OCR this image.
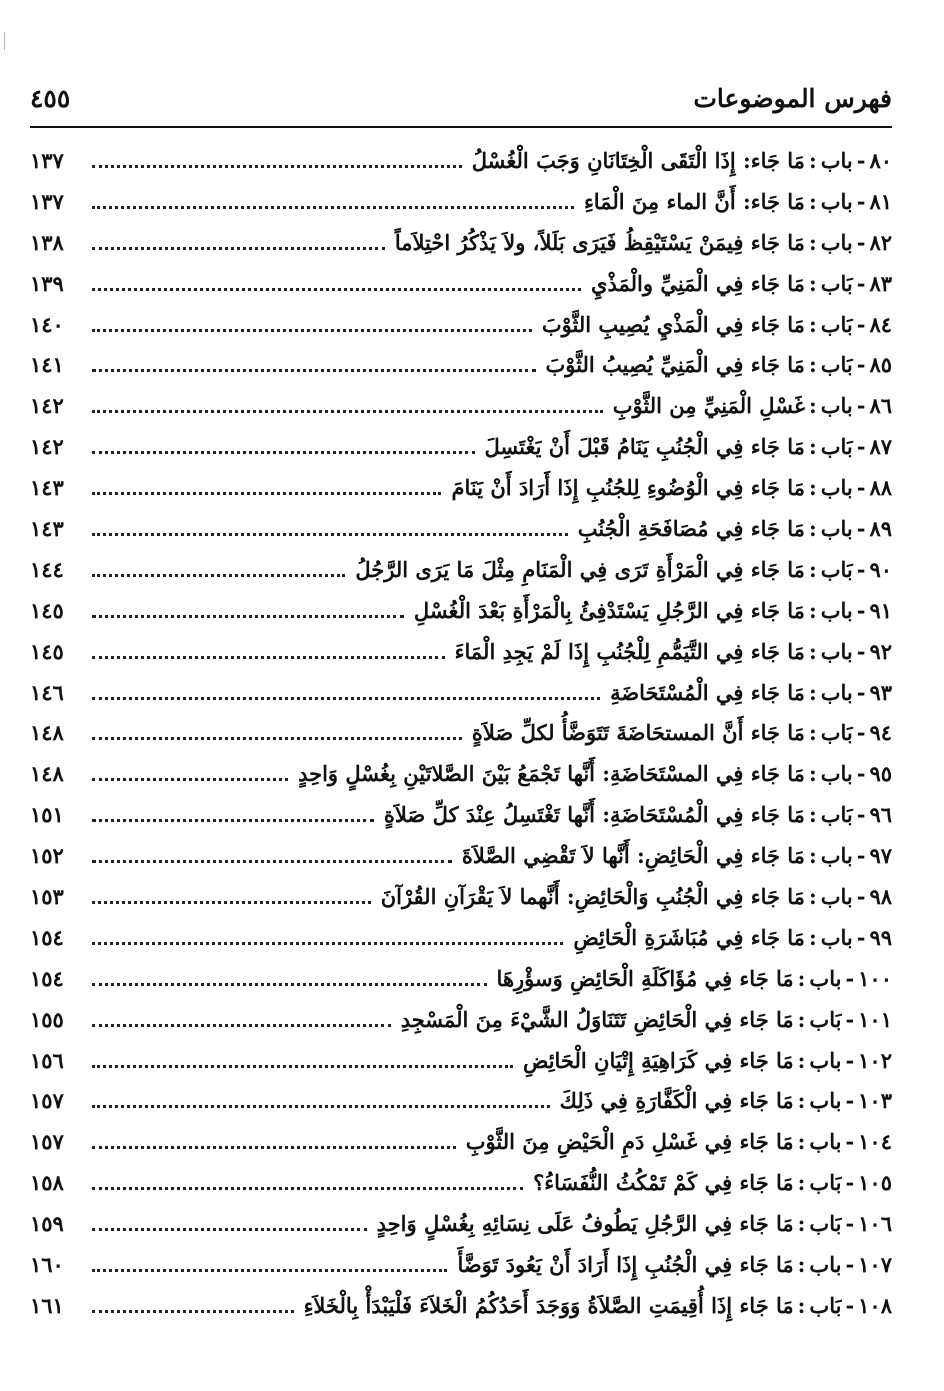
فهرس الموضوعات
٤٥٥
٨٠
-
باب
:
مَا جَاء: إِذَا الْتَقَى الْخِتَانَانِ وَجَبَ الْغُسْلُ
١٣٧
٨١
-
باب
:
مَا جَاء: أَنَّ الماء مِنَ الْمَاءِ
١٣٧
٨٢
-
باب
:
مَا جَاء فِيمَنْ يَسْتَيْقِظُ فَيَرَى بَلَلاً، ولاَ يَذْكُرُ احْتِلاَماً
١٣٨
٨٣
-
بَاب
:
مَا جَاء فِي الْمَنِيِّ والْمَذْيِ
١٣٩
٨٤
-
بَاب
:
مَا جَاء فِي الْمَذْيِ يُصِيبِ الثَّوْبَ
١٤٠
٨٥
-
بَاب
:
مَا جَاء فِي الْمَنِيِّ يُصِيبُ الثَّوْبَ
١٤١
٨٦
-
باب
:
غَسْلِ الْمَنِيِّ مِن الثَّوْبِ
١٤٢
٨٧
-
بَاب
:
مَا جَاء فِي الْجُنُبِ يَنَامُ قَبْلَ أَنْ يَغْتَسِلَ
١٤٢
٨٨
-
باب
:
مَا جَاء فِي الْوُضُوءِ لِلجُنُبِ إِذَا أَرَادَ أَنْ يَنَامَ
١٤٣
٨٩
-
باب
:
مَا جَاء فِي مُصَافَحَةِ الْجُنُبِ
١٤٣
٩٠
-
بَاب
:
مَا جَاء فِي الْمَرْأَةِ تَرَى فِي الْمَنَامِ مِثْلَ مَا يَرَى الرَّجُلُ
١٤٤
٩١
-
باب
:
مَا جَاء فِي الرَّجُلِ يَسْتَدْفِئُ بِالْمَرْأَةِ بَعْدَ الْغُسْلِ
١٤٥
٩٢
-
باب
:
مَا جَاء فِي التَّيَمُّمِ لِلْجُنُبِ إِذَا لَمْ يَجِدِ الْمَاءَ
١٤٥
٩٣
-
باب
:
مَا جَاء فِي الْمُسْتَحَاضَةِ
١٤٦
٩٤
-
بَاب
:
مَا جَاء أَنَّ المستحَاضَةَ تَتَوَضَّأُ لكلِّ صَلاَةٍ
١٤٨
٩٥
-
باب
:
مَا جَاء فِي المسْتَحَاضَةِ: أَنَّها تَجْمَعُ بَيْنَ الصَّلاتَيْنِ بِغُسْلٍ وَاحِدٍ
١٤٨
٩٦
-
بَاب
:
مَا جَاء فِي الْمُسْتَحَاضَةِ: أَنَّها تَغْتَسِلُ عِنْدَ كلِّ صَلاَةٍ
١٥١
٩٧
-
باب
:
مَا جَاء فِي الْحَائِضِ: أَنَّها لاَ تَقْضِي الصَّلاَةَ
١٥٢
٩٨
-
باب
:
مَا جَاء فِي الْجُنُبِ وَالْحَائِضِ: أَنَّهما لاَ يَقْرَآنِ القُرْآنَ
١٥٣
٩٩
-
باب
:
مَا جَاء فِي مُبَاشَرَةِ الْحَائِضِ
١٥٤
١٠٠
-
باب
:
مَا جَاء فِي مُؤَاكَلَةِ الْحَائِضِ وَسؤْرِهَا
١٥٤
١٠١
-
بَاب
:
مَا جَاء فِي الْحَائِضِ تَتَنَاوَلُ الشَّيْءَ مِنَ الْمَسْجِدِ
١٥٥
١٠٢
-
باب
:
مَا جَاء فِي كَرَاهِيَةِ إِتْيَانِ الْحَائِضِ
١٥٦
١٠٣
-
باب
:
مَا جَاء فِي الْكَفَّارَةِ فِي ذَلِكَ
١٥٧
١٠٤
-
باب
:
مَا جَاء فِي غَسْلِ دَمِ الْحَيْضِ مِنَ الثَّوْبِ
١٥٧
١٠٥
-
بَاب
:
مَا جَاء فِي كَمْ تَمْكُثُ النُّفَسَاءُ؟
١٥٨
١٠٦
-
بَاب
:
مَا جَاء فِي الرَّجُلِ يَطُوفُ عَلَى نِسَائِهِ بِغُسْلٍ وَاحِدٍ
١٥٩
١٠٧
-
باب
:
مَا جَاء فِي الْجُنُبِ إِذَا أَرَادَ أَنْ يَعُودَ تَوَضَّأَ
١٦٠
١٠٨
-
بَاب
:
مَا جَاء إِذَا أُقِيمَتِ الصَّلاَةُ وَوَجَدَ أَحَدُكُمُ الْخَلاَءَ فَلْيَبْدَأْ بِالْخَلاَءِ
١٦١
